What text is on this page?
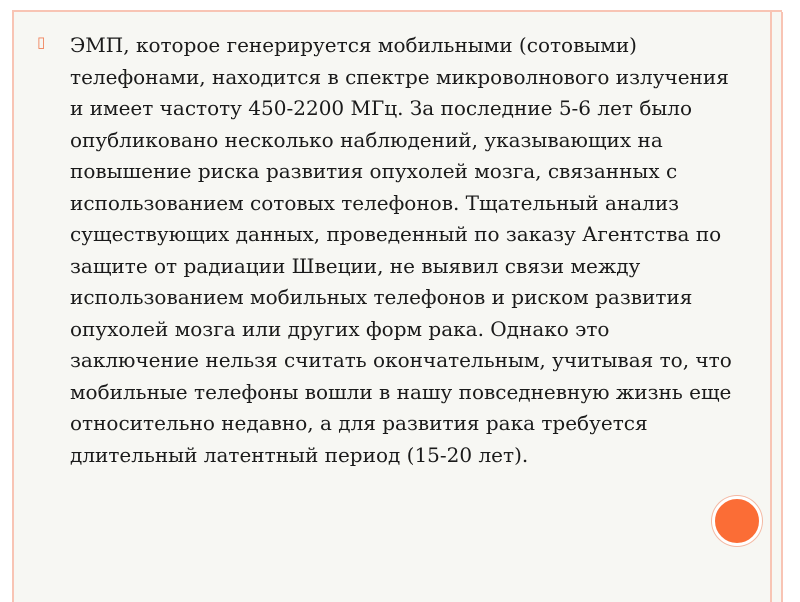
▯ ЭМП, которое генерируется мобильными (сотовыми) телефонами, находится в спектре микроволнового излучения и имеет частоту 450-2200 МГц. За последние 5-6 лет было опубликовано несколько наблюдений, указывающих на повышение риска развития опухолей мозга, связанных с использованием сотовых телефонов. Тщательный анализ существующих данных, проведенный по заказу Агентства по защите от радиации Швеции, не выявил связи между использованием мобильных телефонов и риском развития опухолей мозга или других форм рака. Однако это заключение нельзя считать окончательным, учитывая то, что мобильные телефоны вошли в нашу повседневную жизнь еще относительно недавно, а для развития рака требуется длительный латентный период (15-20 лет).
